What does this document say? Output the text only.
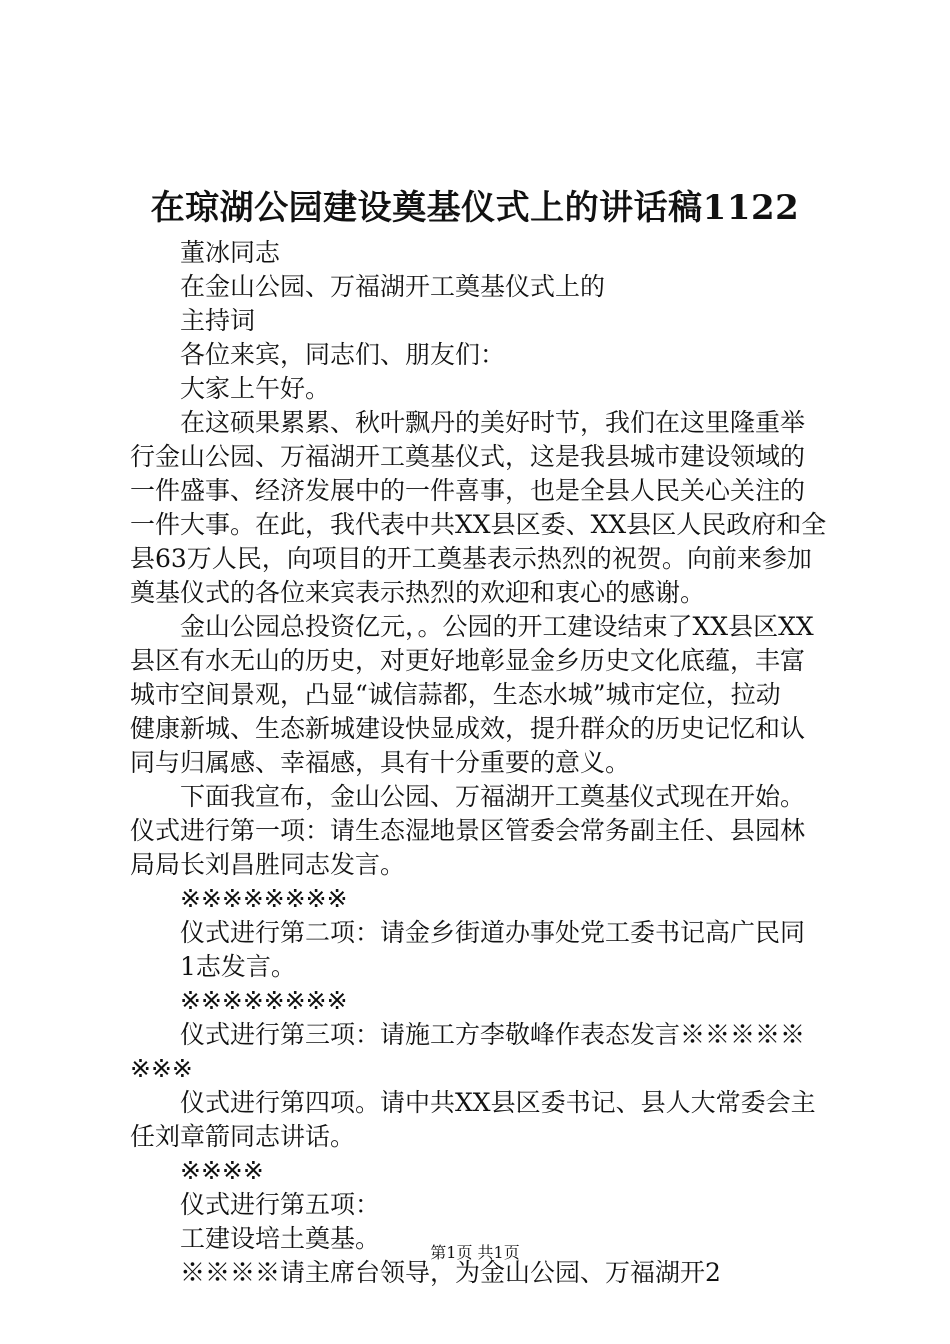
在琼湖公园建设奠基仪式上的讲话稿1122
董冰同志
在金山公园、万福湖开工奠基仪式上的
主持词
各位来宾，同志们、朋友们：
大家上午好。
在这硕果累累、秋叶飘丹的美好时节，我们在这里隆重举
行金山公园、万福湖开工奠基仪式，这是我县城市建设领域的
一件盛事、经济发展中的一件喜事，也是全县人民关心关注的
一件大事。在此，我代表中共XX县区委、XX县区人民政府和全
县63万人民，向项目的开工奠基表示热烈的祝贺。向前来参加
奠基仪式的各位来宾表示热烈的欢迎和衷心的感谢。
金山公园总投资亿元，。公园的开工建设结束了XX县区XX
县区有水无山的历史，对更好地彰显金乡历史文化底蕴，丰富
城市空间景观，凸显“诚信蒜都，生态水城”城市定位，拉动
健康新城、生态新城建设快显成效，提升群众的历史记忆和认
同与归属感、幸福感，具有十分重要的意义。
下面我宣布，金山公园、万福湖开工奠基仪式现在开始。
仪式进行第一项：请生态湿地景区管委会常务副主任、县园林
局局长刘昌胜同志发言。
※※※※※※※※
仪式进行第二项：请金乡街道办事处党工委书记高广民同
1志发言。
※※※※※※※※
仪式进行第三项：请施工方李敬峰作表态发言※※※※※
※※※
仪式进行第四项。请中共XX县区委书记、县人大常委会主
任刘章箭同志讲话。
※※※※
仪式进行第五项：
工建设培土奠基。
※※※※请主席台领导，为金山公园、万福湖开2
第1页 共1页
